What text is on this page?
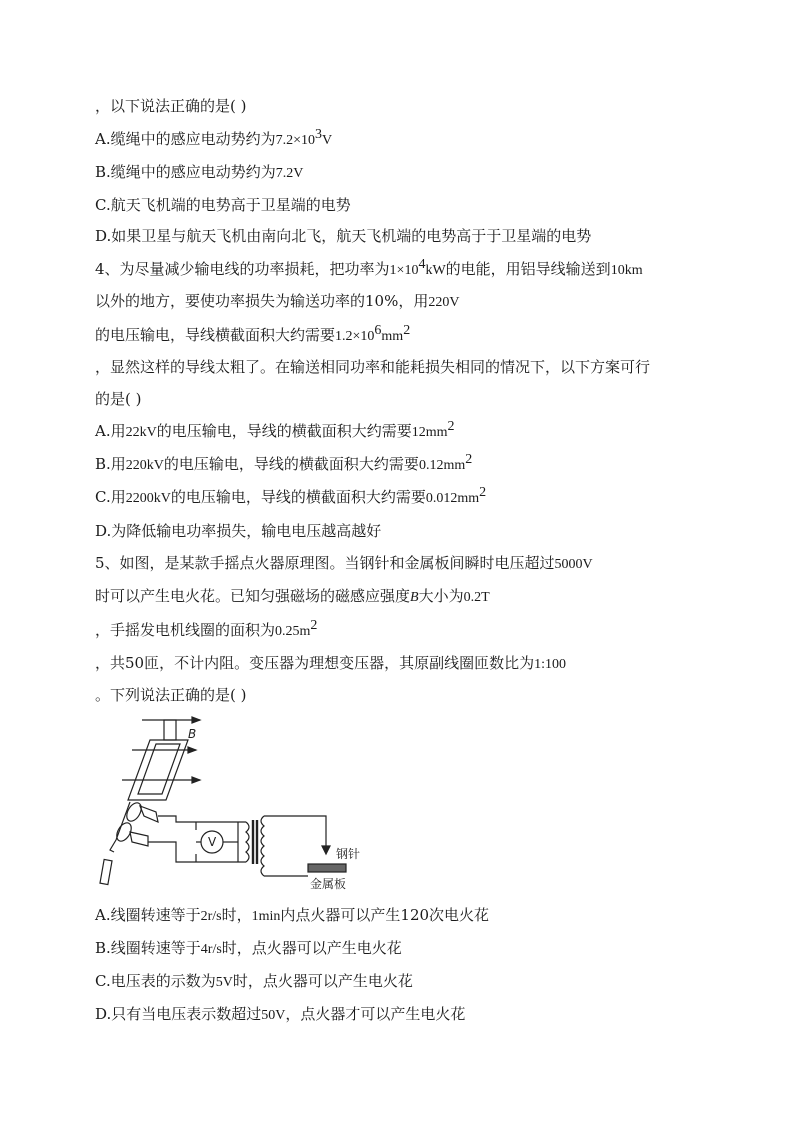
，以下说法正确的是( )
A.缆绳中的感应电动势约为$7.2\times 10^3V$
B.缆绳中的感应电动势约为7.2V
C.航天飞机端的电势高于卫星端的电势
D.如果卫星与航天飞机由南向北飞，航天飞机端的电势高于于卫星端的电势
4、为尽量减少输电线的功率损耗，把功率为$1\times 10^4kW$的电能，用铝导线输送到10km
以外的地方，要使功率损失为输送功率的10%，用220V
的电压输电，导线横截面积大约需要$1.2\times 10^6mm^2$
，显然这样的导线太粗了。在输送相同功率和能耗损失相同的情况下，以下方案可行
的是( )
A.用22kV的电压输电，导线的横截面积大约需要$12mm^2$
B.用220kV的电压输电，导线的横截面积大约需要$0.12mm^2$
C.用2200kV的电压输电，导线的横截面积大约需要$0.012mm^2$
D.为降低输电功率损失，输电电压越高越好
5、如图，是某款手摇点火器原理图。当钢针和金属板间瞬时电压超过5000V
时可以产生电火花。已知匀强磁场的磁感应强度B大小为0.2T
，手摇发电机线圈的面积为$0.25m^2$
，共50匝，不计内阻。变压器为理想变压器，其原副线圈匝数比为1:100
。下列说法正确的是( )
B
V
钢针
金属板
A.线圈转速等于2r/s时，1min内点火器可以产生120次电火花
B.线圈转速等于4r/s时，点火器可以产生电火花
C.电压表的示数为5V时，点火器可以产生电火花
D.只有当电压表示数超过50V，点火器才可以产生电火花
